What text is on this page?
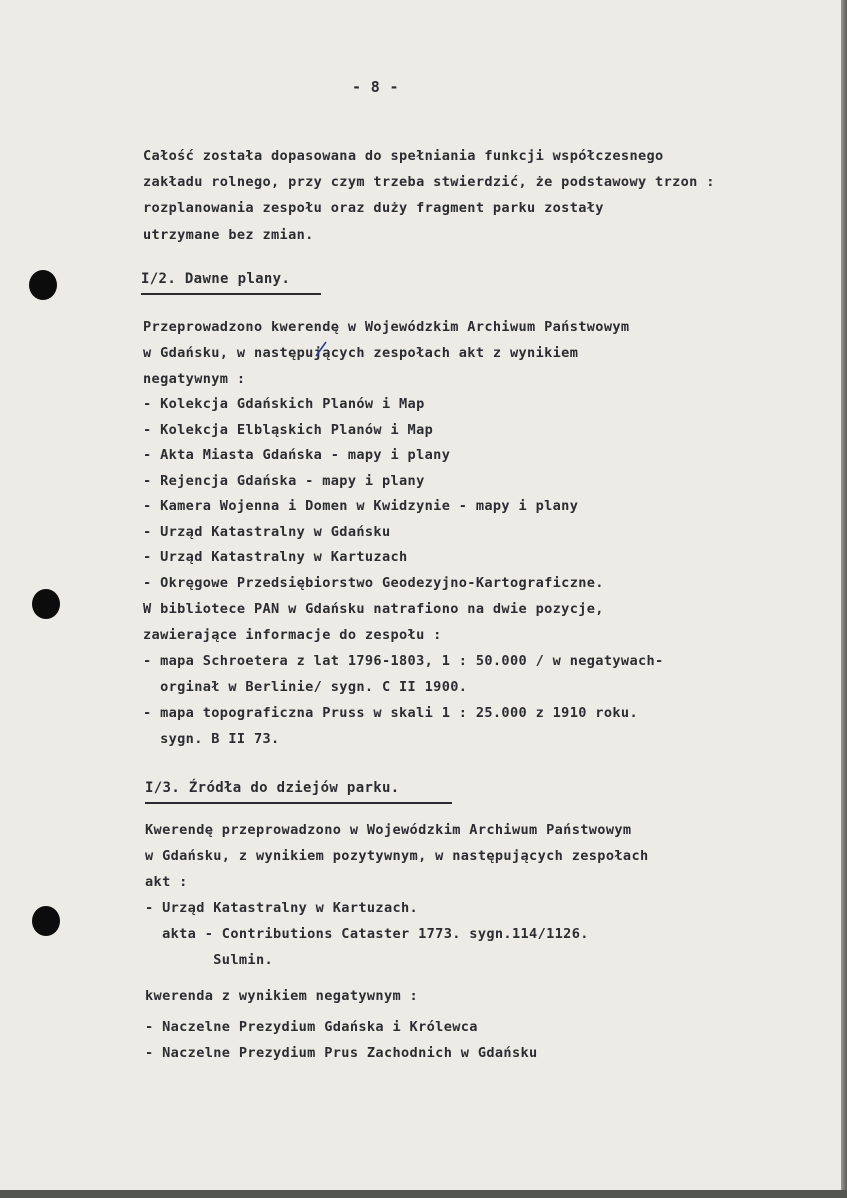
- 8 -
Całość została dopasowana do spełniania funkcji współczesnego
zakładu rolnego, przy czym trzeba stwierdzić, że podstawowy trzon :
rozplanowania zespołu oraz duży fragment parku zostały
utrzymane bez zmian.
I/2. Dawne plany.
Przeprowadzono kwerendę w Wojewódzkim Archiwum Państwowym
w Gdańsku, w następujących zespołach akt z wynikiem
negatywnym :
- Kolekcja Gdańskich Planów i Map
- Kolekcja Elbląskich Planów i Map
- Akta Miasta Gdańska - mapy i plany
- Rejencja Gdańska - mapy i plany
- Kamera Wojenna i Domen w Kwidzynie - mapy i plany
- Urząd Katastralny w Gdańsku
- Urząd Katastralny w Kartuzach
- Okręgowe Przedsiębiorstwo Geodezyjno-Kartograficzne.
W bibliotece PAN w Gdańsku natrafiono na dwie pozycje,
zawierające informacje do zespołu :
- mapa Schroetera z lat 1796-1803, 1 : 50.000 / w negatywach-
orginał w Berlinie/ sygn. C II 1900.
- mapa topograficzna Pruss w skali 1 : 25.000 z 1910 roku.
sygn. B II 73.
I/3. Źródła do dziejów parku.
Kwerendę przeprowadzono w Wojewódzkim Archiwum Państwowym
w Gdańsku, z wynikiem pozytywnym, w następujących zespołach
akt :
- Urząd Katastralny w Kartuzach.
akta - Contributions Cataster 1773. sygn.114/1126.
Sulmin.
kwerenda z wynikiem negatywnym :
- Naczelne Prezydium Gdańska i Królewca
- Naczelne Prezydium Prus Zachodnich w Gdańsku
